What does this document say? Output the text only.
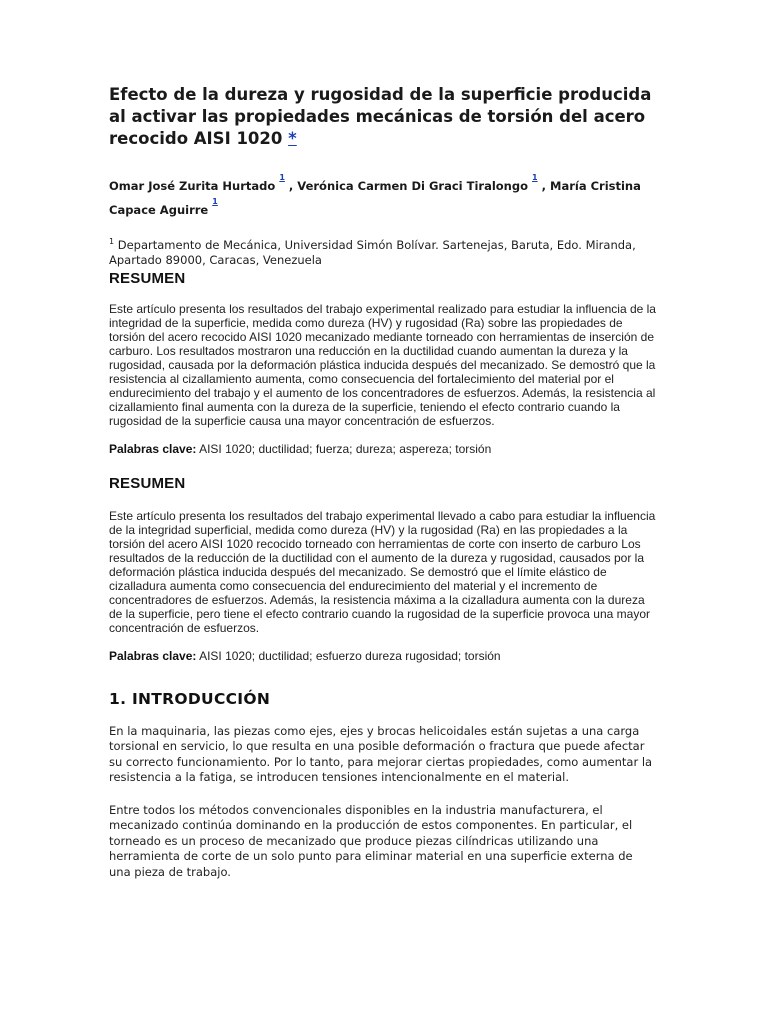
Efecto de la dureza y rugosidad de la superficie producida al activar las propiedades mecánicas de torsión del acero recocido AISI 1020 *
Omar José Zurita Hurtado $^{^1}$ , Verónica Carmen Di Graci Tiralongo $^{^1}$ , María Cristina Capace Aguirre $^{^1}$
$^1$ Departamento de Mecánica, Universidad Simón Bolívar. Sartenejas, Baruta, Edo. Miranda, Apartado 89000, Caracas, Venezuela
RESUMEN

Este artículo presenta los resultados del trabajo experimental realizado para estudiar la influencia de la integridad de la superficie, medida como dureza (HV) y rugosidad (Ra) sobre las propiedades de torsión del acero recocido AISI 1020 mecanizado mediante torneado con herramientas de inserción de carburo. Los resultados mostraron una reducción en la ductilidad cuando aumentan la dureza y la rugosidad, causada por la deformación plástica inducida después del mecanizado. Se demostró que la resistencia al cizallamiento aumenta, como consecuencia del fortalecimiento del material por el endurecimiento del trabajo y el aumento de los concentradores de esfuerzos. Además, la resistencia al cizallamiento final aumenta con la dureza de la superficie, teniendo el efecto contrario cuando la rugosidad de la superficie causa una mayor concentración de esfuerzos.

Palabras clave: AISI 1020; ductilidad; fuerza; dureza; aspereza; torsión
RESUMEN

Este artículo presenta los resultados del trabajo experimental llevado a cabo para estudiar la influencia de la integridad superficial, medida como dureza (HV) y la rugosidad (Ra) en las propiedades a la torsión del acero AISI 1020 recocido torneado con herramientas de corte con inserto de carburo Los resultados de la reducción de la ductilidad con el aumento de la dureza y rugosidad, causados por la deformación plástica inducida después del mecanizado. Se demostró que el límite elástico de cizalladura aumenta como consecuencia del endurecimiento del material y el incremento de concentradores de esfuerzos. Además, la resistencia máxima a la cizalladura aumenta con la dureza de la superficie, pero tiene el efecto contrario cuando la rugosidad de la superficie provoca una mayor concentración de esfuerzos.

Palabras clave: AISI 1020; ductilidad; esfuerzo dureza rugosidad; torsión
1. INTRODUCCIÓN

En la maquinaria, las piezas como ejes, ejes y brocas helicoidales están sujetas a una carga torsional en servicio, lo que resulta en una posible deformación o fractura que puede afectar su correcto funcionamiento. Por lo tanto, para mejorar ciertas propiedades, como aumentar la resistencia a la fatiga, se introducen tensiones intencionalmente en el material.

Entre todos los métodos convencionales disponibles en la industria manufacturera, el mecanizado continúa dominando en la producción de estos componentes. En particular, el torneado es un proceso de mecanizado que produce piezas cilíndricas utilizando una herramienta de corte de un solo punto para eliminar material en una superficie externa de una pieza de trabajo.
